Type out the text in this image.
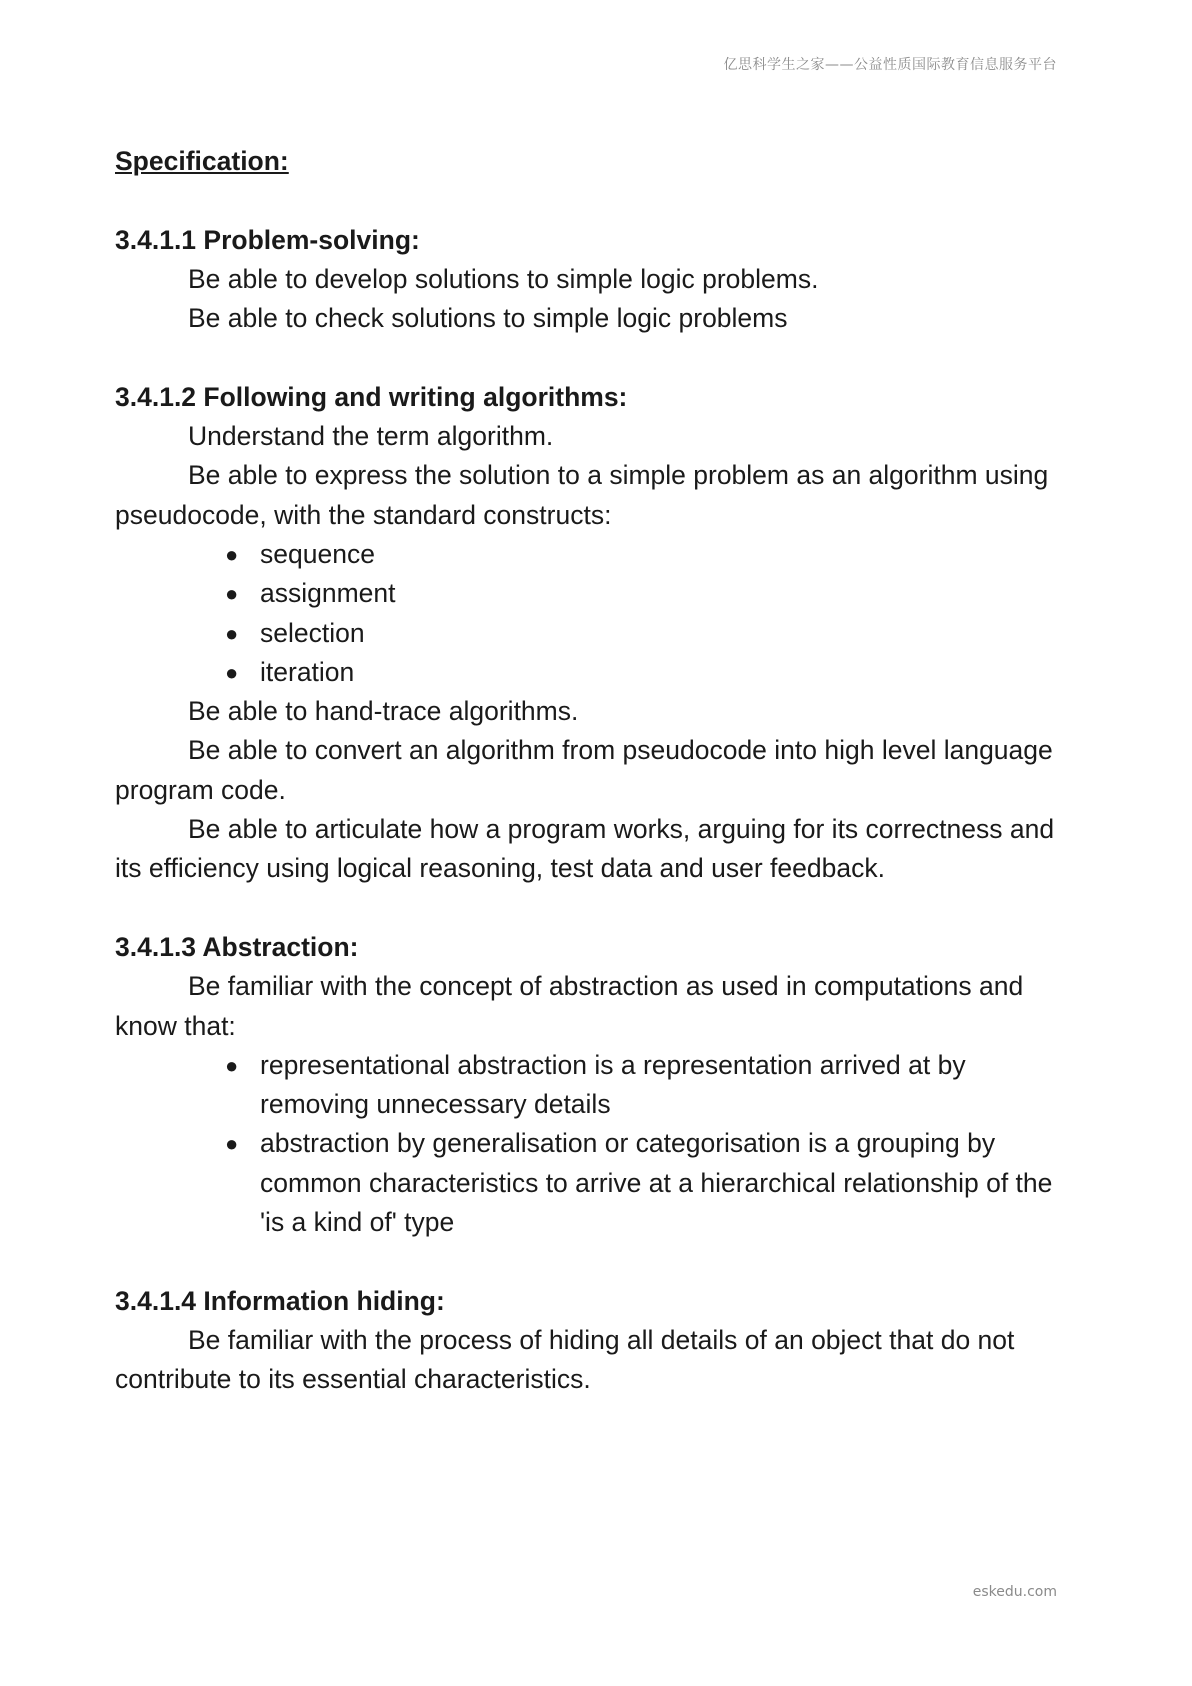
亿思科学生之家——公益性质国际教育信息服务平台

Specification:

3.4.1.1 Problem-solving:

Be able to develop solutions to simple logic problems.

Be able to check solutions to simple logic problems

3.4.1.2 Following and writing algorithms:

Understand the term algorithm.

Be able to express the solution to a simple problem as an algorithm using pseudocode, with the standard constructs:

● sequence
● assignment
● selection
● iteration

Be able to hand-trace algorithms.

Be able to convert an algorithm from pseudocode into high level language program code.

Be able to articulate how a program works, arguing for its correctness and its efficiency using logical reasoning, test data and user feedback.

3.4.1.3 Abstraction:

Be familiar with the concept of abstraction as used in computations and know that:

● representational abstraction is a representation arrived at by removing unnecessary details
● abstraction by generalisation or categorisation is a grouping by common characteristics to arrive at a hierarchical relationship of the 'is a kind of' type

3.4.1.4 Information hiding:

Be familiar with the process of hiding all details of an object that do not contribute to its essential characteristics.

eskedu.com
